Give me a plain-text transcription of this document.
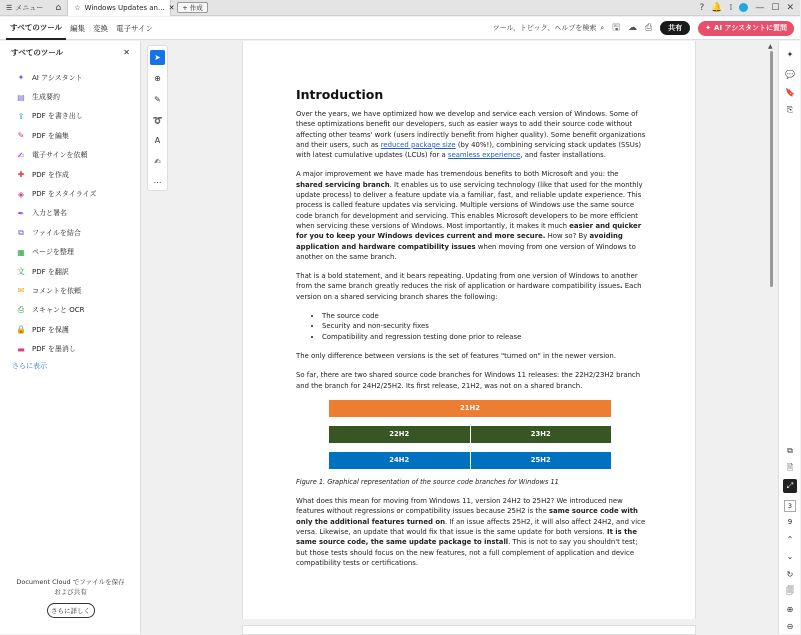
☰ メニュー	⌂	☆ Windows Updates an... ✕ + 作成	? 🔔 ⁞	— ☐ ✕
すべてのツール	編集	変換	電子サイン	ツール、トピック、ヘルプを検索 ⌕ 🖫 ☁ ⎙	共有	✦ AI アシスタントに質問
すべてのツール	✕
✦ AI アシスタント
▤ 生成要約
⇪ PDF を書き出し
✎ PDF を編集
✍ 電子サインを依頼
✚ PDF を作成
◈ PDF をスタイライズ
✒ 入力と署名
⧉	ファイルを結合
▦ ページを整理
文 PDF を翻訳
✉ コメントを依頼
⎙ スキャンと OCR
🔒 PDF を保護
▬ PDF を墨消し
さらに表示
Document Cloud でファイルを保存
および共有
さらに詳しく
➤
⊕
✎
➰
A
✍
⋯
Introduction

Over the years, we have optimized how we develop and service each version of Windows. Some of these optimizations benefit our developers, such as easier ways to add their source code without affecting other teams' work (users indirectly benefit from higher quality). Some benefit organizations and their users, such as reduced package size (by 40%!), combining servicing stack updates (SSUs) with latest cumulative updates (LCUs) for a seamless experience, and faster installations.

A major improvement we have made has tremendous benefits to both Microsoft and you: the shared servicing branch. It enables us to use servicing technology (like that used for the monthly update process) to deliver a feature update via a familiar, fast, and reliable update experience. This process is called feature updates via servicing. Multiple versions of Windows use the same source code branch for development and servicing. This enables Microsoft developers to be more efficient when servicing these versions of Windows. Most importantly, it makes it much easier and quicker for you to keep your Windows devices current and more secure. How so? By avoiding application and hardware compatibility issues when moving from one version of Windows to another on the same branch.

That is a bold statement, and it bears repeating. Updating from one version of Windows to another from the same branch greatly reduces the risk of application or hardware compatibility issues. Each version on a shared servicing branch shares the following:

• The source code
• Security and non-security fixes
• Compatibility and regression testing done prior to release

The only difference between versions is the set of features "turned on" in the newer version.

So far, there are two shared source code branches for Windows 11 releases: the 22H2/23H2 branch and the branch for 24H2/25H2. Its first release, 21H2, was not on a shared branch.

21H2
22H2	23H2
24H2	25H2

Figure 1. Graphical representation of the source code branches for Windows 11

What does this mean for moving from Windows 11, version 24H2 to 25H2? We introduced new features without regressions or compatibility issues because 25H2 is the same source code with only the additional features turned on. If an issue affects 25H2, it will also affect 24H2, and vice versa. Likewise, an update that would fix that issue is the same update for both versions. It is the same source code, the same update package to install. This is not to say you shouldn't test; but those tests should focus on the new features, not a full complement of application and device compatibility tests or certifications.

▲
✦
💬
🔖
⎘
⧉
🗎
⤢
3
9
⌃
⌄
↻
🗐
⊕
⊖
